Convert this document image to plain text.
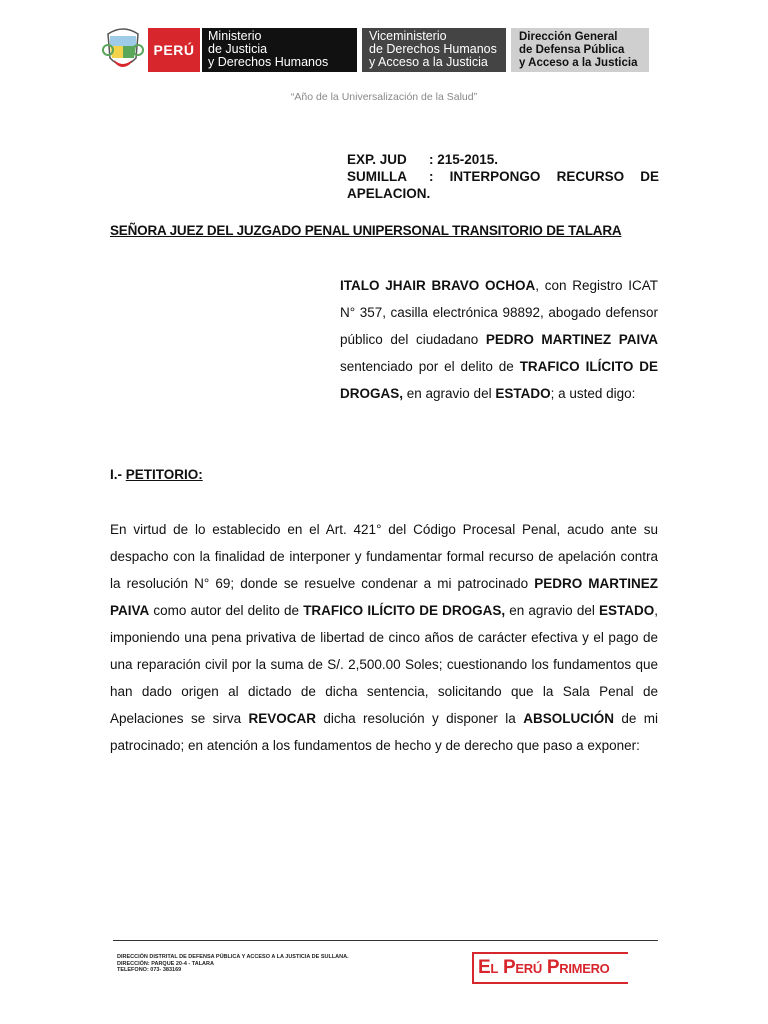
PERÚ
Ministerio
de Justicia
y Derechos Humanos
Viceministerio
de Derechos Humanos
y Acceso a la Justicia
Dirección General
de Defensa Pública
y Acceso a la Justicia
“Año de la Universalización de la Salud”
EXP. JUD	: 215-2015.
SUMILLA	: INTERPONGO RECURSO DE
APELACION.
SEÑORA JUEZ DEL JUZGADO PENAL UNIPERSONAL TRANSITORIO DE TALARA
ITALO JHAIR BRAVO OCHOA, con Registro ICAT N° 357, casilla electrónica 98892, abogado defensor público del ciudadano PEDRO MARTINEZ PAIVA sentenciado por el delito de TRAFICO ILÍCITO DE DROGAS, en agravio del ESTADO; a usted digo:
I.- PETITORIO:
En virtud de lo establecido en el Art. 421° del Código Procesal Penal, acudo ante su despacho con la finalidad de interponer y fundamentar formal recurso de apelación contra la resolución N° 69; donde se resuelve condenar a mi patrocinado PEDRO MARTINEZ PAIVA como autor del delito de TRAFICO ILÍCITO DE DROGAS, en agravio del ESTADO, imponiendo una pena privativa de libertad de cinco años de carácter efectiva y el pago de una reparación civil por la suma de S/. 2,500.00 Soles; cuestionando los fundamentos que han dado origen al dictado de dicha sentencia, solicitando que la Sala Penal de Apelaciones se sirva REVOCAR dicha resolución y disponer la ABSOLUCIÓN de mi patrocinado; en atención a los fundamentos de hecho y de derecho que paso a exponer:
DIRECCIÓN DISTRITAL DE DEFENSA PÚBLICA Y ACCESO A LA JUSTICIA DE SULLANA.
DIRECCIÓN: PARQUE 20-4 - TALARA
TELEFONO: 073- 383169	El Perú Primero
